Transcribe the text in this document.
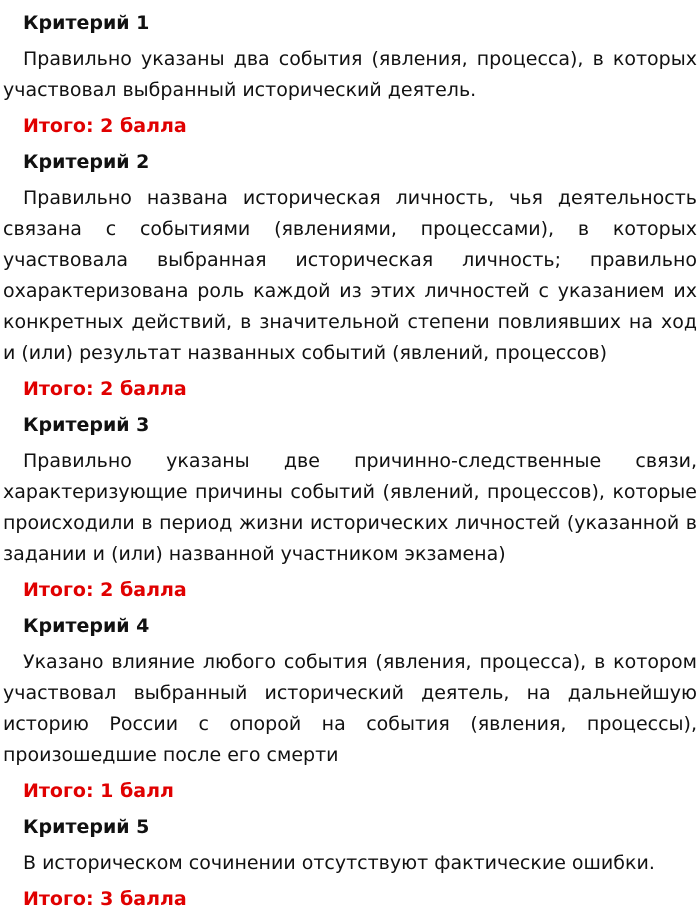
Критерий 1

Правильно указаны два события (явления, процесса), в которых участвовал выбранный исторический деятель.

Итого: 2 балла

Критерий 2

Правильно названа историческая личность, чья деятельность связана с событиями (явлениями, процессами), в которых участвовала выбранная историческая личность; правильно охарактеризована роль каждой из этих личностей с указанием их конкретных действий, в значительной степени повлиявших на ход и (или) результат названных событий (явлений, процессов)

Итого: 2 балла

Критерий 3

Правильно указаны две причинно-следственные связи, характеризующие причины событий (явлений, процессов), которые происходили в период жизни исторических личностей (указанной в задании и (или) названной участником экзамена)

Итого: 2 балла

Критерий 4

Указано влияние любого события (явления, процесса), в котором участвовал выбранный исторический деятель, на дальнейшую историю России с опорой на события (явления, процессы), произошедшие после его смерти

Итого: 1 балл

Критерий 5

В историческом сочинении отсутствуют фактические ошибки.

Итого: 3 балла
